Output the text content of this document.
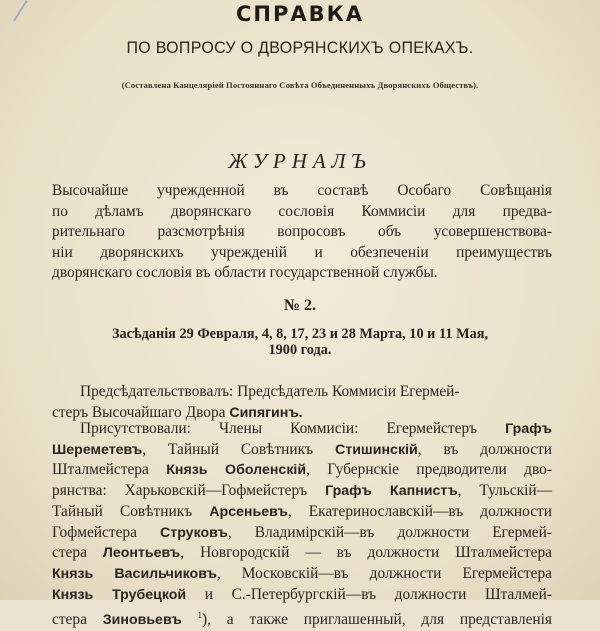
СПРАВКА
ПО ВОПРОСУ О ДВОРЯНСКИХЪ ОПЕКАХЪ.
(Составлена Канцелярiей Постояннаго Совѣта Объединенныхъ Дворянскихъ Обществъ).
ЖУРНАЛЪ
Высочайше учрежденной въ составѣ Особаго Совѣщанiя
по дѣламъ дворянскаго сословiя Коммисiи для предва-
рительнаго разсмотрѣнiя вопросовъ объ усовершенствова-
нiи дворянскихъ учрежденiй и обезпеченiи преимуществъ
дворянскаго сословiя въ области государственной службы.
№ 2.
Засѣданiя 29 Февраля, 4, 8, 17, 23 и 28 Марта, 10 и 11 Мая,
1900 года.
Предсѣдательствовалъ: Предсѣдатель Коммисiи Егермей-
стеръ Высочайшаго Двора Сипягинъ.
Присутствовали: Члены Коммисiи: Егермейстеръ Графъ
Шереметевъ, Тайный Совѣтникъ Стишинскiй, въ должности
Шталмейстера Князь Оболенскiй, Губернскiе предводители дво-
рянства: Харьковскiй—Гофмейстеръ Графъ Капнистъ, Тульскiй—
Тайный Совѣтникъ Арсеньевъ, Екатеринославскiй—въ должности
Гофмейстера Струковъ, Владимiрскiй—въ должности Егермей-
стера Леонтьевъ, Новгородскiй — въ должности Шталмейстера
Князь Васильчиковъ, Московскiй—въ должности Егермейстера
Князь Трубецкой и С.-Петербургскiй—въ должности Шталмей-
стера Зиновьевъ $^1$), а также приглашенный, для представленiя
